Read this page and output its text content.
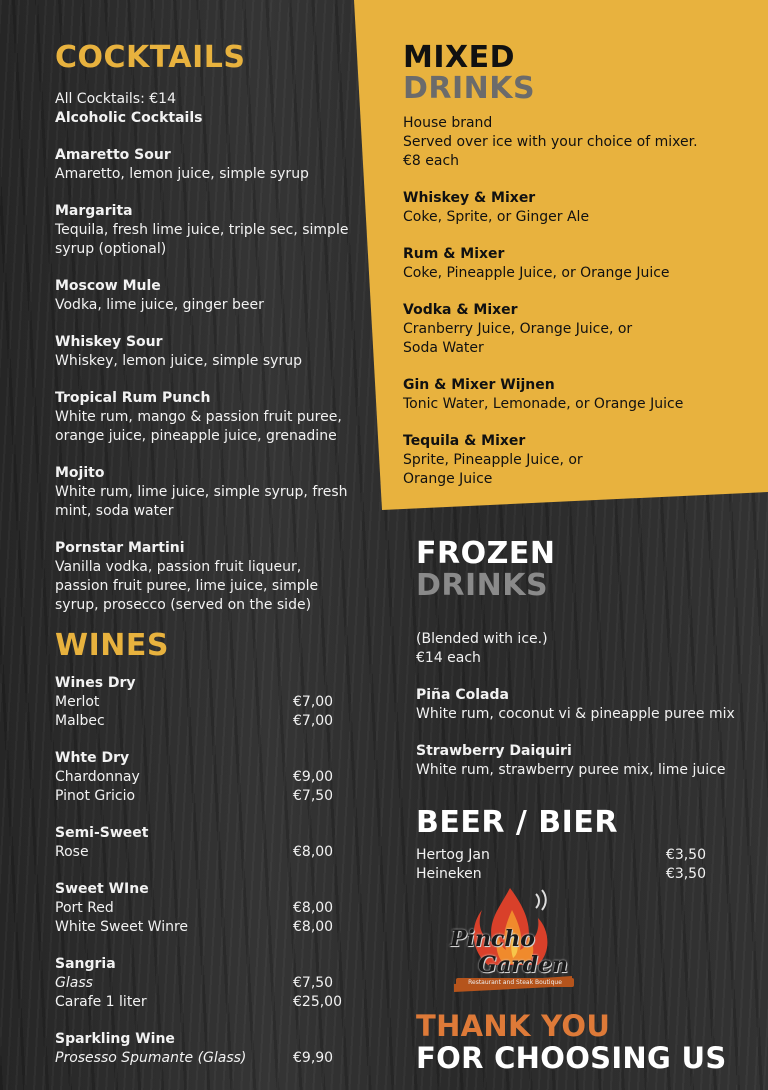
COCKTAILS
All Cocktails: €14
Alcoholic Cocktails
Amaretto Sour
Amaretto, lemon juice, simple syrup
Margarita
Tequila, fresh lime juice, triple sec, simple syrup (optional)
Moscow Mule
Vodka, lime juice, ginger beer
Whiskey Sour
Whiskey, lemon juice, simple syrup
Tropical Rum Punch
White rum, mango & passion fruit puree, orange juice, pineapple juice, grenadine
Mojito
White rum, lime juice, simple syrup, fresh mint, soda water
Pornstar Martini
Vanilla vodka, passion fruit liqueur, passion fruit puree, lime juice, simple syrup, prosecco (served on the side)
WINES
Wines Dry
Merlot	€7,00
Malbec	€7,00
Whte Dry
Chardonnay	€9,00
Pinot Gricio	€7,50
Semi-Sweet
Rose	€8,00
Sweet WIne
Port Red	€8,00
White Sweet Winre	€8,00
Sangria
Glass	€7,50
Carafe 1 liter	€25,00
Sparkling Wine
Prosesso Spumante (Glass)	€9,90
MIXED
DRINKS
House brand
Served over ice with your choice of mixer.
€8 each
Whiskey & Mixer
Coke, Sprite, or Ginger Ale
Rum & Mixer
Coke, Pineapple Juice, or Orange Juice
Vodka & Mixer
Cranberry Juice, Orange Juice, or Soda Water
Gin & Mixer Wijnen
Tonic Water, Lemonade, or Orange Juice
Tequila & Mixer
Sprite, Pineapple Juice, or Orange Juice
FROZEN
DRINKS
(Blended with ice.)
€14 each
Piña Colada
White rum, coconut vi & pineapple puree mix
Strawberry Daiquiri
White rum, strawberry puree mix, lime juice
BEER / BIER
Hertog Jan	€3,50
Heineken	€3,50
Pincho
Garden
Restaurant and Steak Boutique
THANK YOU
FOR CHOOSING US
